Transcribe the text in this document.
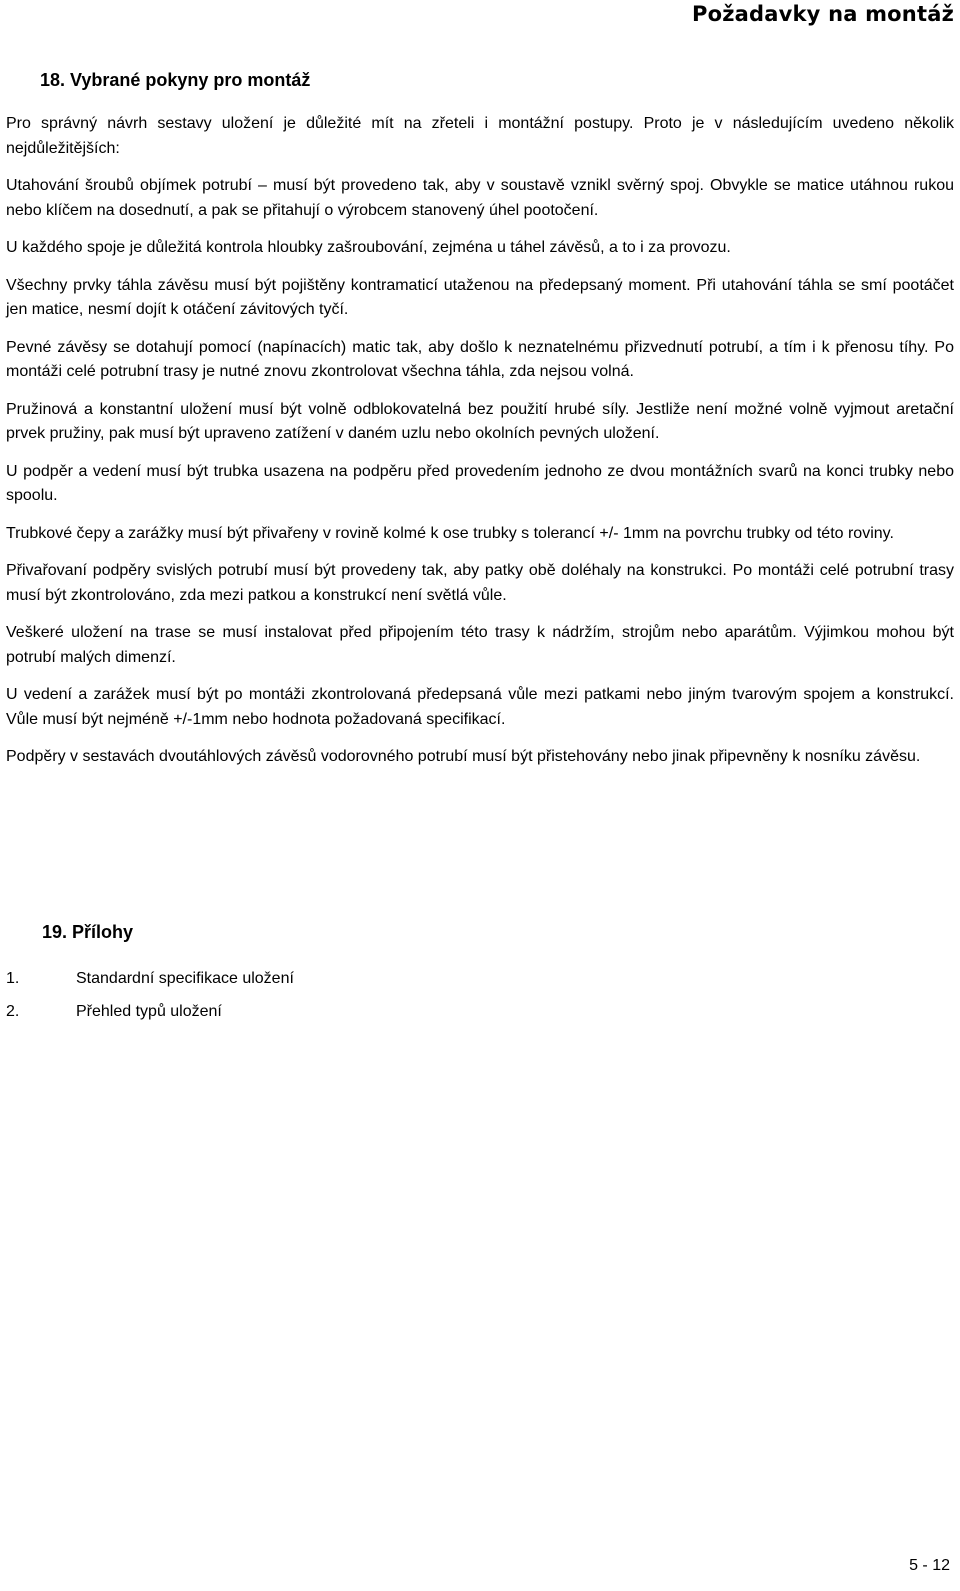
Požadavky na montáž
18. Vybrané pokyny pro montáž

Pro správný návrh sestavy uložení je důležité mít na zřeteli i montážní postupy. Proto je v následujícím uvedeno několik nejdůležitějších:

Utahování šroubů objímek potrubí – musí být provedeno tak, aby v soustavě vznikl svěrný spoj. Obvykle se matice utáhnou rukou nebo klíčem na dosednutí, a pak se přitahují o výrobcem stanovený úhel pootočení.

U každého spoje je důležitá kontrola hloubky zašroubování, zejména u táhel závěsů, a to i za provozu.

Všechny prvky táhla závěsu musí být pojištěny kontramaticí utaženou na předepsaný moment. Při utahování táhla se smí pootáčet jen matice, nesmí dojít k otáčení závitových tyčí.

Pevné závěsy se dotahují pomocí (napínacích) matic tak, aby došlo k neznatelnému přizvednutí potrubí, a tím i k přenosu tíhy. Po montáži celé potrubní trasy je nutné znovu zkontrolovat všechna táhla, zda nejsou volná.

Pružinová a konstantní uložení musí být volně odblokovatelná bez použití hrubé síly. Jestliže není možné volně vyjmout aretační prvek pružiny, pak musí být upraveno zatížení v daném uzlu nebo okolních pevných uložení.

U podpěr a vedení musí být trubka usazena na podpěru před provedením jednoho ze dvou montážních svarů na konci trubky nebo spoolu.

Trubkové čepy a zarážky musí být přivařeny v rovině kolmé k ose trubky s tolerancí +/- 1mm na povrchu trubky od této roviny.

Přivařovaní podpěry svislých potrubí musí být provedeny tak, aby patky obě doléhaly na konstrukci. Po montáži celé potrubní trasy musí být zkontrolováno, zda mezi patkou a konstrukcí není světlá vůle.

Veškeré uložení na trase se musí instalovat před připojením této trasy k nádržím, strojům nebo aparátům. Výjimkou mohou být potrubí malých dimenzí.

U vedení a zarážek musí být po montáži zkontrolovaná předepsaná vůle mezi patkami nebo jiným tvarovým spojem a konstrukcí. Vůle musí být nejméně +/-1mm nebo hodnota požadovaná specifikací.

Podpěry v sestavách dvoutáhlových závěsů vodorovného potrubí musí být přistehovány nebo jinak připevněny k nosníku závěsu.

19. Přílohy
1.	Standardní specifikace uložení
2.	Přehled typů uložení
5 - 12
